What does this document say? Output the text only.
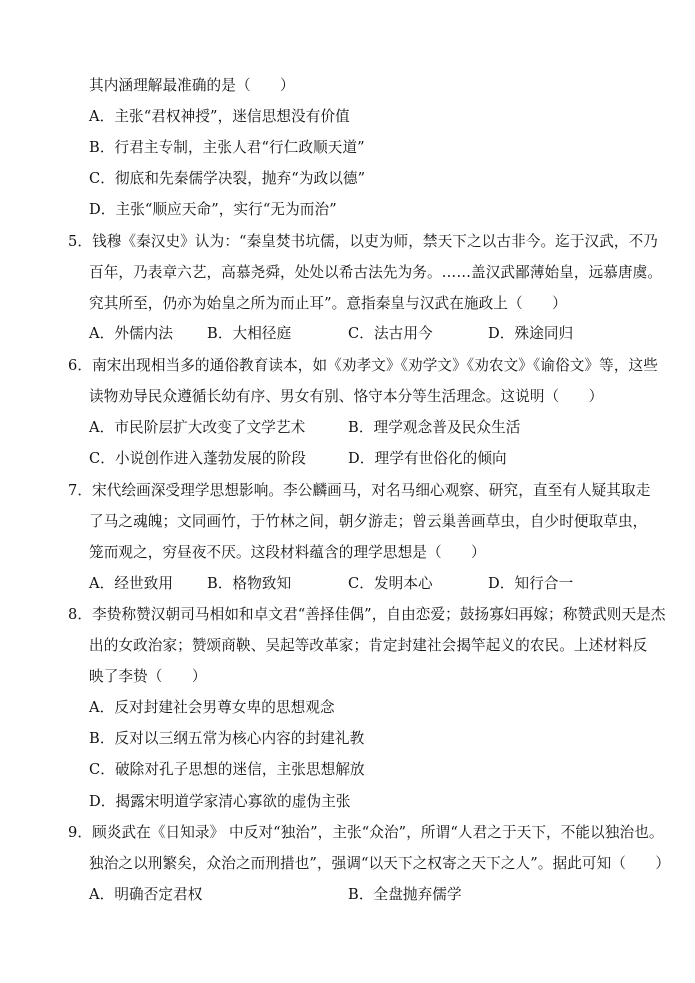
其内涵理解最准确的是（　　）
A．主张“君权神授”，迷信思想没有价值
B．行君主专制，主张人君“行仁政顺天道”
C．彻底和先秦儒学决裂，抛弃“为政以德”
D．主张“顺应天命”，实行“无为而治”
5．钱穆《秦汉史》认为：“秦皇焚书坑儒，以吏为师，禁天下之以古非今。迄于汉武，不乃
百年，乃表章六艺，高慕尧舜，处处以希古法先为务。……盖汉武鄙薄始皇，远慕唐虞。
究其所至，仍亦为始皇之所为而止耳”。意指秦皇与汉武在施政上（　　）
A．外儒内法 B．大相径庭	C．法古用今	D．殊途同归
6．南宋出现相当多的通俗教育读本，如《劝孝文》《劝学文》《劝农文》《谕俗文》等，这些
读物劝导民众遵循长幼有序、男女有别、恪守本分等生活理念。这说明（　　）
A．市民阶层扩大改变了文学艺术	B．理学观念普及民众生活
C．小说创作进入蓬勃发展的阶段	D．理学有世俗化的倾向
7．宋代绘画深受理学思想影响。李公麟画马，对名马细心观察、研究，直至有人疑其取走
了马之魂魄；文同画竹，于竹林之间，朝夕游走；曾云巢善画草虫，自少时便取草虫，
笼而观之，穷昼夜不厌。这段材料蕴含的理学思想是（　　）
A．经世致用 B．格物致知	C．发明本心	D．知行合一
8．李贽称赞汉朝司马相如和卓文君“善择佳偶”，自由恋爱；鼓扬寡妇再嫁；称赞武则天是杰
出的女政治家；赞颂商鞅、吴起等改革家；肯定封建社会揭竿起义的农民。上述材料反
映了李贽（　　）
A．反对封建社会男尊女卑的思想观念
B．反对以三纲五常为核心内容的封建礼教
C．破除对孔子思想的迷信，主张思想解放
D．揭露宋明道学家清心寡欲的虚伪主张
9．顾炎武在《日知录》 中反对“独治”，主张“众治”，所谓“人君之于天下，不能以独治也。
独治之以刑繁矣，众治之而刑措也”，强调“以天下之权寄之天下之人”。据此可知（　　）
A．明确否定君权	B．全盘抛弃儒学
